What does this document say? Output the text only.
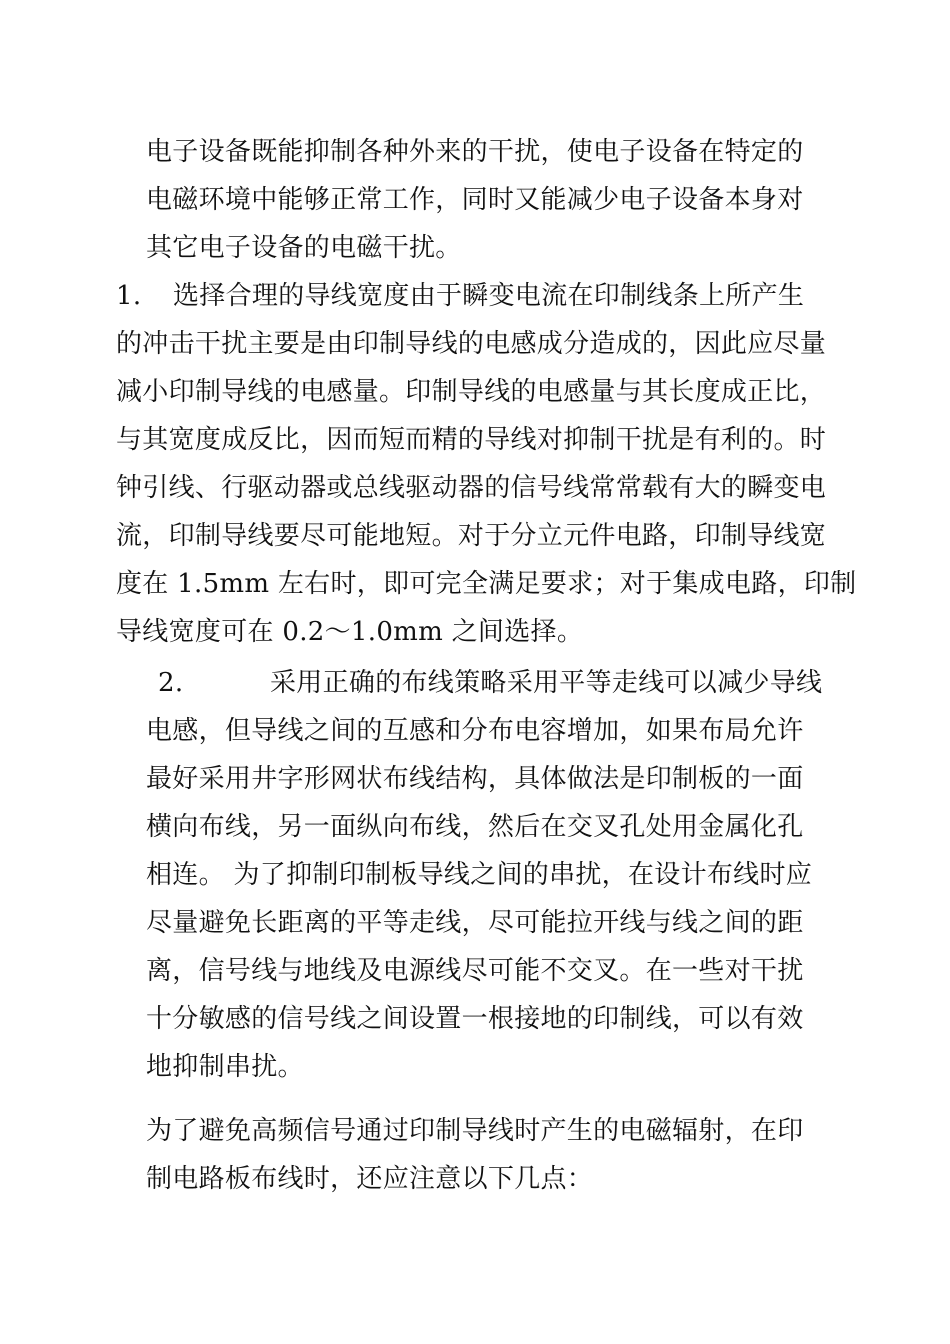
电子设备既能抑制各种外来的干扰，使电子设备在特定的
电磁环境中能够正常工作，同时又能减少电子设备本身对
其它电子设备的电磁干扰。
1. 选择合理的导线宽度由于瞬变电流在印制线条上所产生
的冲击干扰主要是由印制导线的电感成分造成的，因此应尽量
减小印制导线的电感量。印制导线的电感量与其长度成正比，
与其宽度成反比，因而短而精的导线对抑制干扰是有利的。时
钟引线、行驱动器或总线驱动器的信号线常常载有大的瞬变电
流，印制导线要尽可能地短。对于分立元件电路，印制导线宽
度在 1.5mm 左右时，即可完全满足要求；对于集成电路，印制
导线宽度可在 0.2～1.0mm 之间选择。
2.	采用正确的布线策略采用平等走线可以减少导线
电感，但导线之间的互感和分布电容增加，如果布局允许
最好采用井字形网状布线结构，具体做法是印制板的一面
横向布线，另一面纵向布线，然后在交叉孔处用金属化孔
相连。 为了抑制印制板导线之间的串扰，在设计布线时应
尽量避免长距离的平等走线，尽可能拉开线与线之间的距
离，信号线与地线及电源线尽可能不交叉。在一些对干扰
十分敏感的信号线之间设置一根接地的印制线，可以有效
地抑制串扰。
为了避免高频信号通过印制导线时产生的电磁辐射，在印
制电路板布线时，还应注意以下几点：
